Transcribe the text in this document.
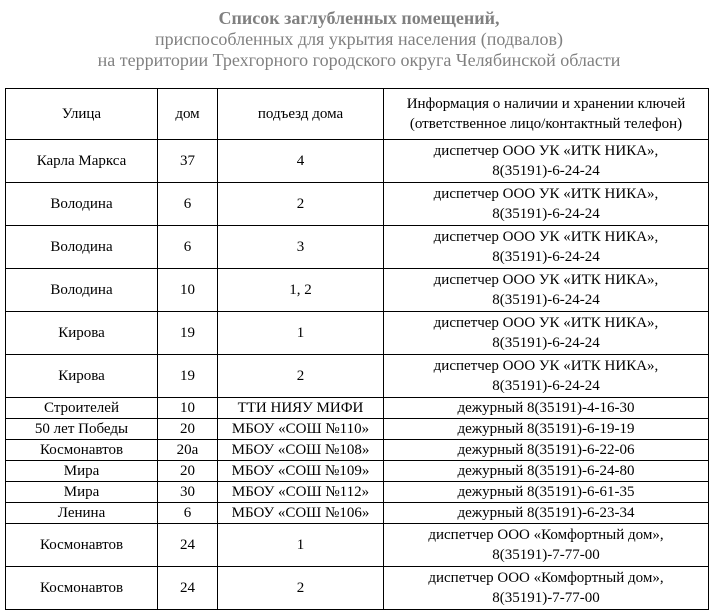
Список заглубленных помещений,
приспособленных для укрытия населения (подвалов)
на территории Трехгорного городского округа Челябинской области
Улица	дом	подъезд дома	Информация о наличии и хранении ключей
(ответственное лицо/контактный телефон)

Карла Маркса	37	4	диспетчер ООО УК «ИТК НИКА»,
8(35191)-6-24-24

Володина	6	2	диспетчер ООО УК «ИТК НИКА»,
8(35191)-6-24-24

Володина	6	3	диспетчер ООО УК «ИТК НИКА»,
8(35191)-6-24-24

Володина	10	1, 2	диспетчер ООО УК «ИТК НИКА»,
8(35191)-6-24-24

Кирова	19	1	диспетчер ООО УК «ИТК НИКА»,
8(35191)-6-24-24

Кирова	19	2	диспетчер ООО УК «ИТК НИКА»,
8(35191)-6-24-24

Строителей	10	ТТИ НИЯУ МИФИ	дежурный 8(35191)-4-16-30

50 лет Победы	20	МБОУ «СОШ №110»	дежурный 8(35191)-6-19-19

Космонавтов	20а	МБОУ «СОШ №108»	дежурный 8(35191)-6-22-06

Мира	20	МБОУ «СОШ №109»	дежурный 8(35191)-6-24-80

Мира	30	МБОУ «СОШ №112»	дежурный 8(35191)-6-61-35

Ленина	6	МБОУ «СОШ №106»	дежурный 8(35191)-6-23-34

Космонавтов	24	1	диспетчер ООО «Комфортный дом»,
8(35191)-7-77-00

Космонавтов	24	2	диспетчер ООО «Комфортный дом»,
8(35191)-7-77-00
